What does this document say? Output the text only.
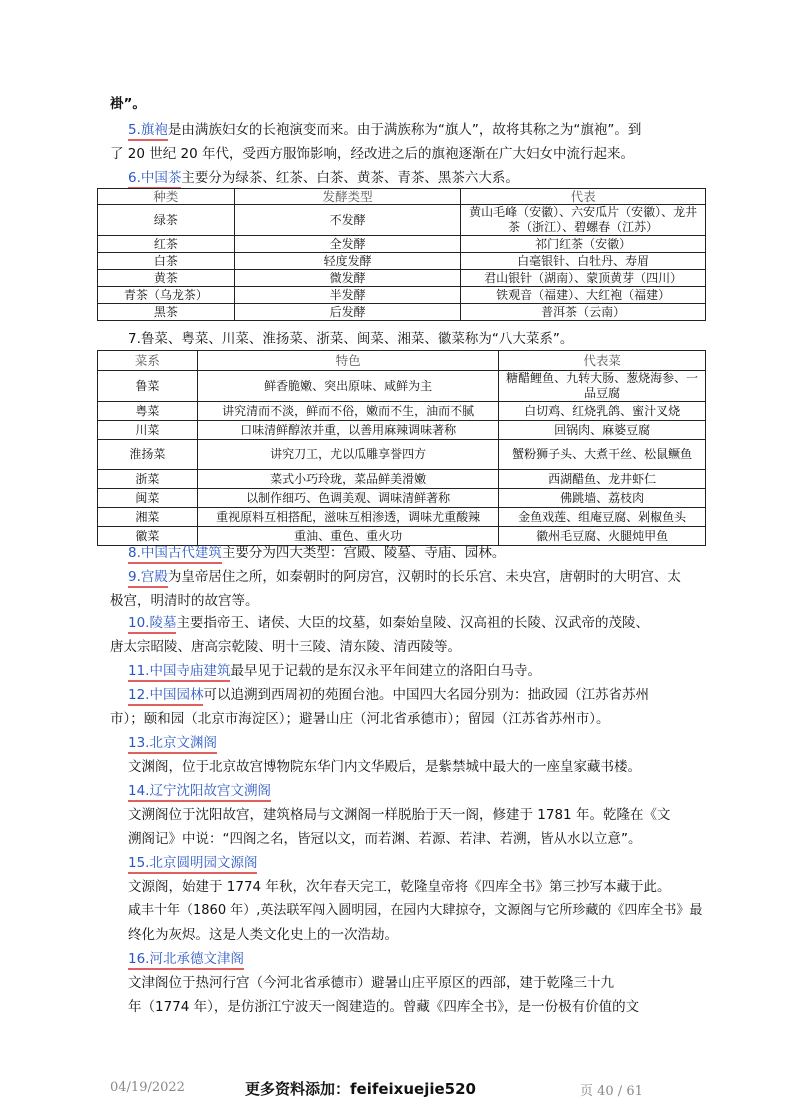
褂”。
5.旗袍是由满族妇女的长袍演变而来。由于满族称为“旗人”，故将其称之为“旗袍”。到
了 20 世纪 20 年代，受西方服饰影响，经改进之后的旗袍逐渐在广大妇女中流行起来。
6.中国茶主要分为绿茶、红茶、白茶、黄茶、青茶、黑茶六大系。
种类	发酵类型	代表
绿茶	不发酵	黄山毛峰（安徽）、六安瓜片（安徽）、龙井茶（浙江）、碧螺春（江苏）
红茶	全发酵	祁门红茶（安徽）
白茶	轻度发酵	白毫银针、白牡丹、寿眉
黄茶	微发酵	君山银针（湖南）、蒙顶黄芽（四川）
青茶（乌龙茶）	半发酵	铁观音（福建）、大红袍（福建）
黑茶	后发酵	普洱茶（云南）
7.鲁菜、粤菜、川菜、淮扬菜、浙菜、闽菜、湘菜、徽菜称为“八大菜系”。
菜系	特色	代表菜
鲁菜	鲜香脆嫩、突出原味、咸鲜为主	糖醋鲤鱼、九转大肠、葱烧海参、一品豆腐
粤菜	讲究清而不淡，鲜而不俗，嫩而不生，油而不腻	白切鸡、红烧乳鸽、蜜汁叉烧
川菜	口味清鲜醇浓并重，以善用麻辣调味著称	回锅肉、麻婆豆腐
淮扬菜	讲究刀工，尤以瓜雕享誉四方	蟹粉狮子头、大煮干丝、松鼠鳜鱼
浙菜	菜式小巧玲珑，菜品鲜美滑嫩	西湖醋鱼、龙井虾仁
闽菜	以制作细巧、色调美观、调味清鲜著称	佛跳墙、荔枝肉
湘菜	重视原料互相搭配，滋味互相渗透，调味尤重酸辣	金鱼戏莲、组庵豆腐、剁椒鱼头
徽菜	重油、重色、重火功	徽州毛豆腐、火腿炖甲鱼
8.中国古代建筑主要分为四大类型：宫殿、陵墓、寺庙、园林。
9.宫殿为皇帝居住之所，如秦朝时的阿房宫，汉朝时的长乐宫、未央宫，唐朝时的大明宫、太
极宫，明清时的故宫等。
10.陵墓主要指帝王、诸侯、大臣的坟墓，如秦始皇陵、汉高祖的长陵、汉武帝的茂陵、
唐太宗昭陵、唐高宗乾陵、明十三陵、清东陵、清西陵等。
11.中国寺庙建筑最早见于记载的是东汉永平年间建立的洛阳白马寺。
12.中国园林可以追溯到西周初的苑囿台池。中国四大名园分别为：拙政园（江苏省苏州
市）；颐和园（北京市海淀区）；避暑山庄（河北省承德市）；留园（江苏省苏州市）。
13.北京文渊阁
文渊阁，位于北京故宫博物院东华门内文华殿后，是紫禁城中最大的一座皇家藏书楼。
14.辽宁沈阳故宫文溯阁
文溯阁位于沈阳故宫，建筑格局与文渊阁一样脱胎于天一阁，修建于 1781 年。乾隆在《文
溯阁记》中说：“四阁之名，皆冠以文，而若渊、若源、若津、若溯，皆从水以立意”。
15.北京圆明园文源阁
文源阁，始建于 1774 年秋，次年春天完工，乾隆皇帝将《四库全书》第三抄写本藏于此。
咸丰十年（1860 年）,英法联军闯入圆明园，在园内大肆掠夺，文源阁与它所珍藏的《四库全书》最
终化为灰烬。这是人类文化史上的一次浩劫。
16.河北承德文津阁
文津阁位于热河行宫（今河北省承德市）避暑山庄平原区的西部，建于乾隆三十九
年（1774 年），是仿浙江宁波天一阁建造的。曾藏《四库全书》，是一份极有价值的文
04/19/2022	更多资料添加：feifeixuejie520	页 40 / 61
